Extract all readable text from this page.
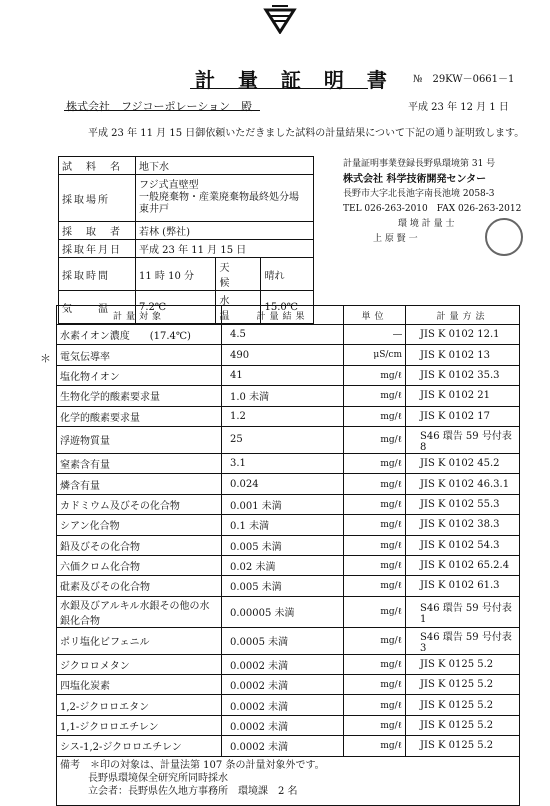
計 量 証 明 書 №　29KW－0661－1
株式会社　フジコーポレーション　殿	平成 23 年 12 月 1 日
平成 23 年 11 月 15 日御依頼いただきました試料の計量結果について下記の通り証明致します。
試　料　名	地下水		
採取場所	フジ式直壁型
一般廃棄物・産業廃棄物最終処分場
東井戸		

採　取　者	若林 (弊社)		
採取年月日	平成 23 年 11 月 15 日		
採取時間	11 時 10 分	天　　候	晴れ
気　　温	7.2℃	水　　温	15.0℃
計量証明事業登録長野県環境第 31 号
株式会社 科学技術開発センター
長野市大字北長池字南長池境 2058-3
TEL 026-263-2010　FAX 026-263-2012
環 境 計 量 士
上 原 賢 一
＊
計量対象	計量結果	単位	計量方法
水素イオン濃度　　(17.4℃)	4.5	―	JIS K 0102 12.1
電気伝導率	490	μS/cm	JIS K 0102 13
塩化物イオン	41	mg/ℓ	JIS K 0102 35.3
生物化学的酸素要求量	1.0 未満	mg/ℓ	JIS K 0102 21
化学的酸素要求量	1.2	mg/ℓ	JIS K 0102 17
浮遊物質量	25	mg/ℓ	S46 環告 59 号付表 8
窒素含有量	3.1	mg/ℓ	JIS K 0102 45.2
燐含有量	0.024	mg/ℓ	JIS K 0102 46.3.1
カドミウム及びその化合物	0.001 未満	mg/ℓ	JIS K 0102 55.3
シアン化合物	0.1 未満	mg/ℓ	JIS K 0102 38.3
鉛及びその化合物	0.005 未満	mg/ℓ	JIS K 0102 54.3
六価クロム化合物	0.02 未満	mg/ℓ	JIS K 0102 65.2.4
砒素及びその化合物	0.005 未満	mg/ℓ	JIS K 0102 61.3
水銀及びアルキル水銀その他の水銀化合物	0.00005 未満	mg/ℓ	S46 環告 59 号付表 1
ポリ塩化ビフェニル	0.0005 未満	mg/ℓ	S46 環告 59 号付表 3
ジクロロメタン	0.0002 未満	mg/ℓ	JIS K 0125 5.2
四塩化炭素	0.0002 未満	mg/ℓ	JIS K 0125 5.2
1,2-ジクロロエタン	0.0002 未満	mg/ℓ	JIS K 0125 5.2
1,1-ジクロロエチレン	0.0002 未満	mg/ℓ	JIS K 0125 5.2
シス-1,2-ジクロロエチレン	0.0002 未満	mg/ℓ	JIS K 0125 5.2

備考　 ＊印の対象は、計量法第 107 条の計量対象外です。
長野県環境保全研究所同時採水
立会者：長野県佐久地方事務所　環境課　2 名			
